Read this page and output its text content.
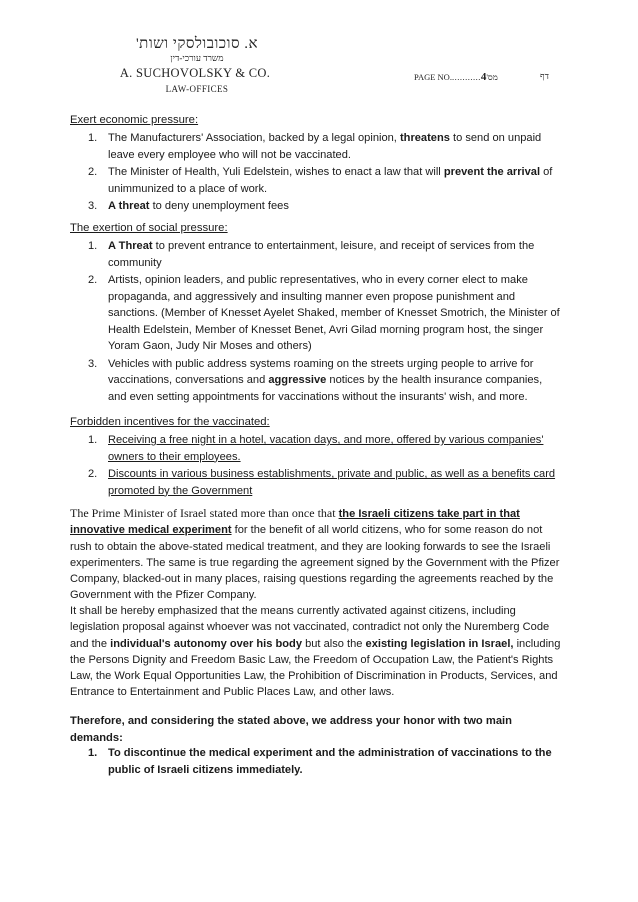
א. סוכובולסקי ושות'
משרד עורכי-דין
A. SUCHOVOLSKY & CO.
LAW-OFFICES
PAGE NO............4מס'	דף
Exert economic pressure:
1. The Manufacturers' Association, backed by a legal opinion, threatens to send on unpaid leave every employee who will not be vaccinated.
2. The Minister of Health, Yuli Edelstein, wishes to enact a law that will prevent the arrival of unimmunized to a place of work.
3. A threat to deny unemployment fees
The exertion of social pressure:
1. A Threat to prevent entrance to entertainment, leisure, and receipt of services from the community
2. Artists, opinion leaders, and public representatives, who in every corner elect to make propaganda, and aggressively and insulting manner even propose punishment and sanctions. (Member of Knesset Ayelet Shaked, member of Knesset Smotrich, the Minister of Health Edelstein, Member of Knesset Benet, Avri Gilad morning program host, the singer Yoram Gaon, Judy Nir Moses and others)
3. Vehicles with public address systems roaming on the streets urging people to arrive for vaccinations, conversations and aggressive notices by the health insurance companies, and even setting appointments for vaccinations without the insurants' wish, and more.
Forbidden incentives for the vaccinated:
1. Receiving a free night in a hotel, vacation days, and more, offered by various companies' owners to their employees.
2. Discounts in various business establishments, private and public, as well as a benefits card promoted by the Government
The Prime Minister of Israel stated more than once that the Israeli citizens take part in that innovative medical experiment for the benefit of all world citizens, who for some reason do not rush to obtain the above-stated medical treatment, and they are looking forwards to see the Israeli experimenters. The same is true regarding the agreement signed by the Government with the Pfizer Company, blacked-out in many places, raising questions regarding the agreements reached by the Government with the Pfizer Company.
It shall be hereby emphasized that the means currently activated against citizens, including legislation proposal against whoever was not vaccinated, contradict not only the Nuremberg Code and the individual's autonomy over his body but also the existing legislation in Israel, including the Persons Dignity and Freedom Basic Law, the Freedom of Occupation Law, the Patient's Rights Law, the Work Equal Opportunities Law, the Prohibition of Discrimination in Products, Services, and Entrance to Entertainment and Public Places Law, and other laws.
Therefore, and considering the stated above, we address your honor with two main demands:
1. To discontinue the medical experiment and the administration of vaccinations to the public of Israeli citizens immediately.
